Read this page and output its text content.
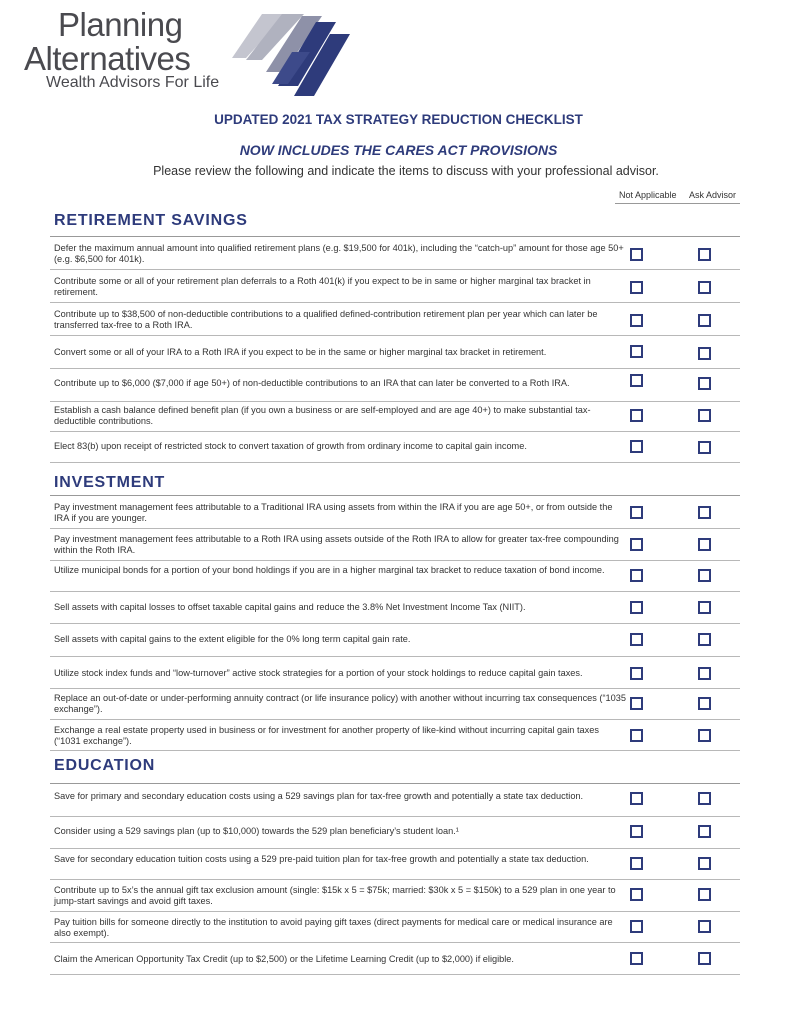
Planning
Alternatives
Wealth Advisors For Life
UPDATED 2021 TAX STRATEGY REDUCTION CHECKLIST
NOW INCLUDES THE CARES ACT PROVISIONS
Please review the following and indicate the items to discuss with your professional advisor.
Not Applicable Ask Advisor
RETIREMENT SAVINGS
Defer the maximum annual amount into qualified retirement plans (e.g. $19,500 for 401k), including the “catch-up” amount for those age 50+ (e.g. $6,500 for 401k).
Contribute some or all of your retirement plan deferrals to a Roth 401(k) if you expect to be in same or higher marginal tax bracket in retirement.
Contribute up to $38,500 of non-deductible contributions to a qualified defined-contribution retirement plan per year which can later be transferred tax-free to a Roth IRA.
Convert some or all of your IRA to a Roth IRA if you expect to be in the same or higher marginal tax bracket in retirement.
Contribute up to $6,000 ($7,000 if age 50+) of non-deductible contributions to an IRA that can later be converted to a Roth IRA.
Establish a cash balance defined benefit plan (if you own a business or are self-employed and are age 40+) to make substantial tax-deductible contributions.
Elect 83(b) upon receipt of restricted stock to convert taxation of growth from ordinary income to capital gain income.
INVESTMENT
Pay investment management fees attributable to a Traditional IRA using assets from within the IRA if you are age 50+, or from outside the IRA if you are younger.
Pay investment management fees attributable to a Roth IRA using assets outside of the Roth IRA to allow for greater tax-free compounding within the Roth IRA.
Utilize municipal bonds for a portion of your bond holdings if you are in a higher marginal tax bracket to reduce taxation of bond income.
Sell assets with capital losses to offset taxable capital gains and reduce the 3.8% Net Investment Income Tax (NIIT).
Sell assets with capital gains to the extent eligible for the 0% long term capital gain rate.
Utilize stock index funds and “low-turnover” active stock strategies for a portion of your stock holdings to reduce capital gain taxes.
Replace an out-of-date or under-performing annuity contract (or life insurance policy) with another without incurring tax consequences (“1035 exchange”).
Exchange a real estate property used in business or for investment for another property of like-kind without incurring capital gain taxes (“1031 exchange”).
EDUCATION
Save for primary and secondary education costs using a 529 savings plan for tax-free growth and potentially a state tax deduction.
Consider using a 529 savings plan (up to $10,000) towards the 529 plan beneficiary’s student loan.¹
Save for secondary education tuition costs using a 529 pre-paid tuition plan for tax-free growth and potentially a state tax deduction.
Contribute up to 5x’s the annual gift tax exclusion amount (single: $15k x 5 = $75k; married: $30k x 5 = $150k) to a 529 plan in one year to jump-start savings and avoid gift taxes.
Pay tuition bills for someone directly to the institution to avoid paying gift taxes (direct payments for medical care or medical insurance are also exempt).
Claim the American Opportunity Tax Credit (up to $2,500) or the Lifetime Learning Credit (up to $2,000) if eligible.
